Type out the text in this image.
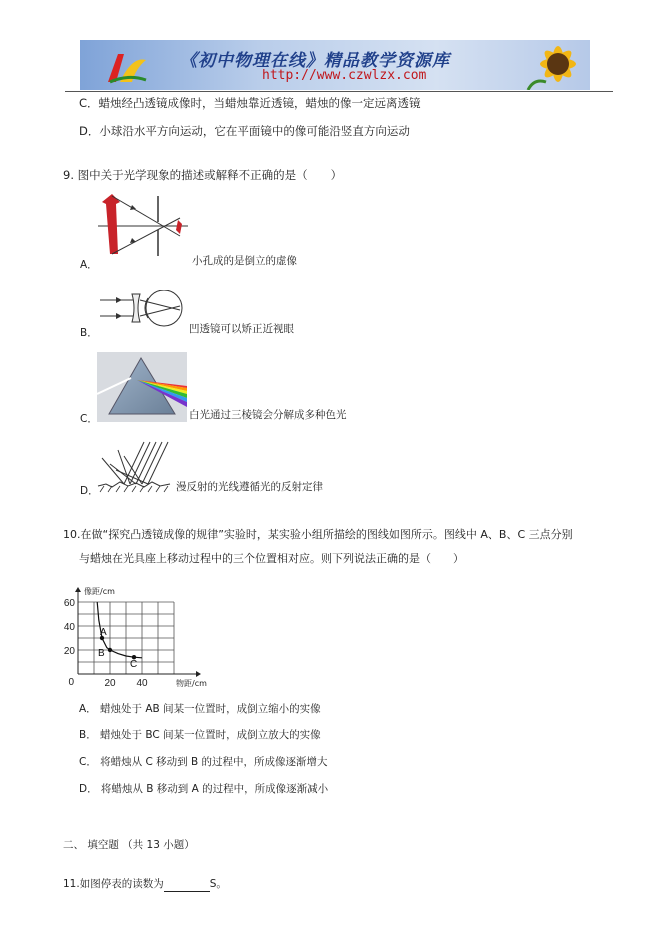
《初中物理在线》精品教学资源库
http://www.czwlzx.com
C．蜡烛经凸透镜成像时，当蜡烛靠近透镜，蜡烛的像一定远离透镜
D．小球沿水平方向运动，它在平面镜中的像可能沿竖直方向运动
9. 图中关于光学现象的描述或解释不正确的是（　　）
A．	小孔成的是倒立的虚像
B．	凹透镜可以矫正近视眼
C．	白光通过三棱镜会分解成多种色光
D．	漫反射的光线遵循光的反射定律
10.在做“探究凸透镜成像的规律”实验时，某实验小组所描绘的图线如图所示。图线中 A、B、C 三点分别
与蜡烛在光具座上移动过程中的三个位置相对应。则下列说法正确的是（　　）
20
40
60
20 40
0
像距/cm
物距/cm
A
B
C
A． 蜡烛处于 AB 间某一位置时，成倒立缩小的实像
B． 蜡烛处于 BC 间某一位置时，成倒立放大的实像
C． 将蜡烛从 C 移动到 B 的过程中，所成像逐渐增大
D． 将蜡烛从 B 移动到 A 的过程中，所成像逐渐减小
二、 填空题 （共 13 小题）
11.如图停表的读数为	S。
